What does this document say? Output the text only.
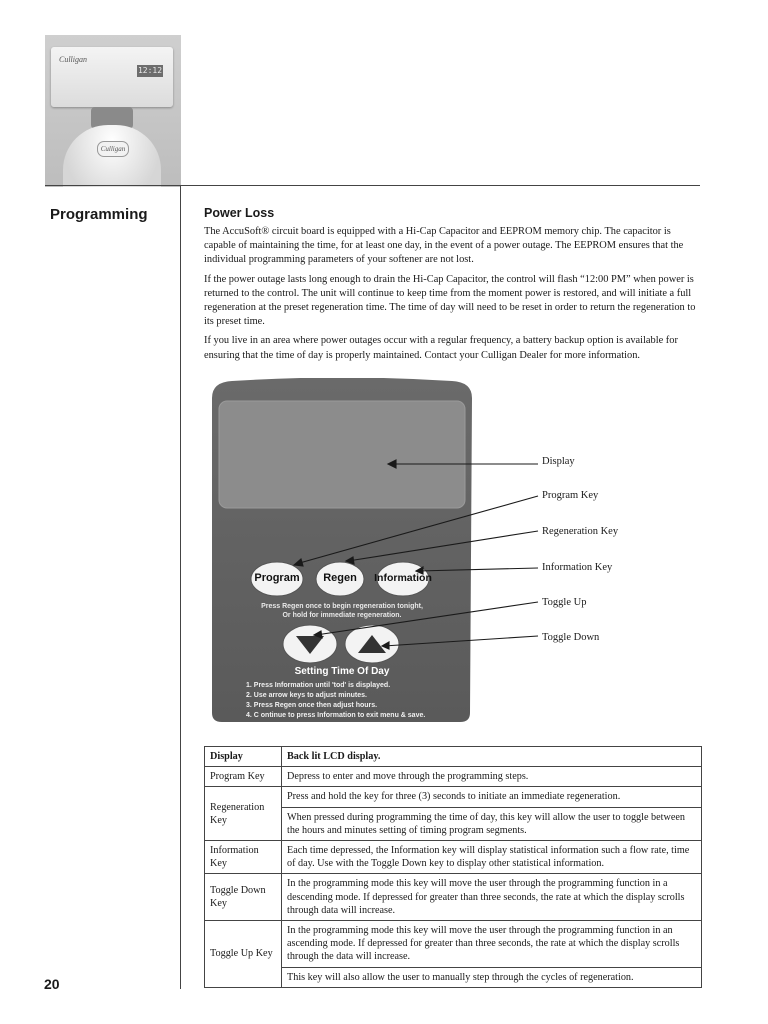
Culligan
12:12
Culligan
Programming
20
Power Loss

The AccuSoft® circuit board is equipped with a Hi-Cap Capacitor and EEPROM memory chip. The capacitor is capable of maintaining the time, for at least one day, in the event of a power outage. The EEPROM ensures that the individual programming parameters of your softener are not lost.

If the power outage lasts long enough to drain the Hi-Cap Capacitor, the control will flash “12:00 PM” when power is returned to the control. The unit will continue to keep time from the moment power is restored, and will initiate a full regeneration at the preset regeneration time. The time of day will need to be reset in order to return the regeneration to its preset time.

If you live in an area where power outages occur with a regular frequency, a battery backup option is available for ensuring that the time of day is properly maintained. Contact your Culligan Dealer for more information.

Program	Regen	Information
Press Regen once to begin regeneration tonight,
Or hold for immediate regeneration.
Setting Time Of Day
1. Press Information until 'tod' is displayed.
2. Use arrow keys to adjust minutes.
3. Press Regen once then adjust hours.
4. C ontinue to press Information to exit menu & save.
Display
Program Key
Regeneration Key
Information Key
Toggle Up
Toggle Down
Display	Back lit LCD display.
Program Key	Depress to enter and move through the programming steps.
Regeneration Key	Press and hold the key for three (3) seconds to initiate an immediate regeneration.
	When pressed during programming the time of day, this key will allow the user to toggle between the hours and minutes setting of timing program segments.
Information Key	Each time depressed, the Information key will display statistical information such a flow rate, time of day. Use with the Toggle Down key to display other statistical information.
Toggle Down Key	In the programming mode this key will move the user through the programming function in a descending mode. If depressed for greater than three seconds, the rate at which the display scrolls through data will increase.
Toggle Up Key	In the programming mode this key will move the user through the programming function in an ascending mode. If depressed for greater than three seconds, the rate at which the display scrolls through the data will increase.
	This key will also allow the user to manually step through the cycles of regeneration.
